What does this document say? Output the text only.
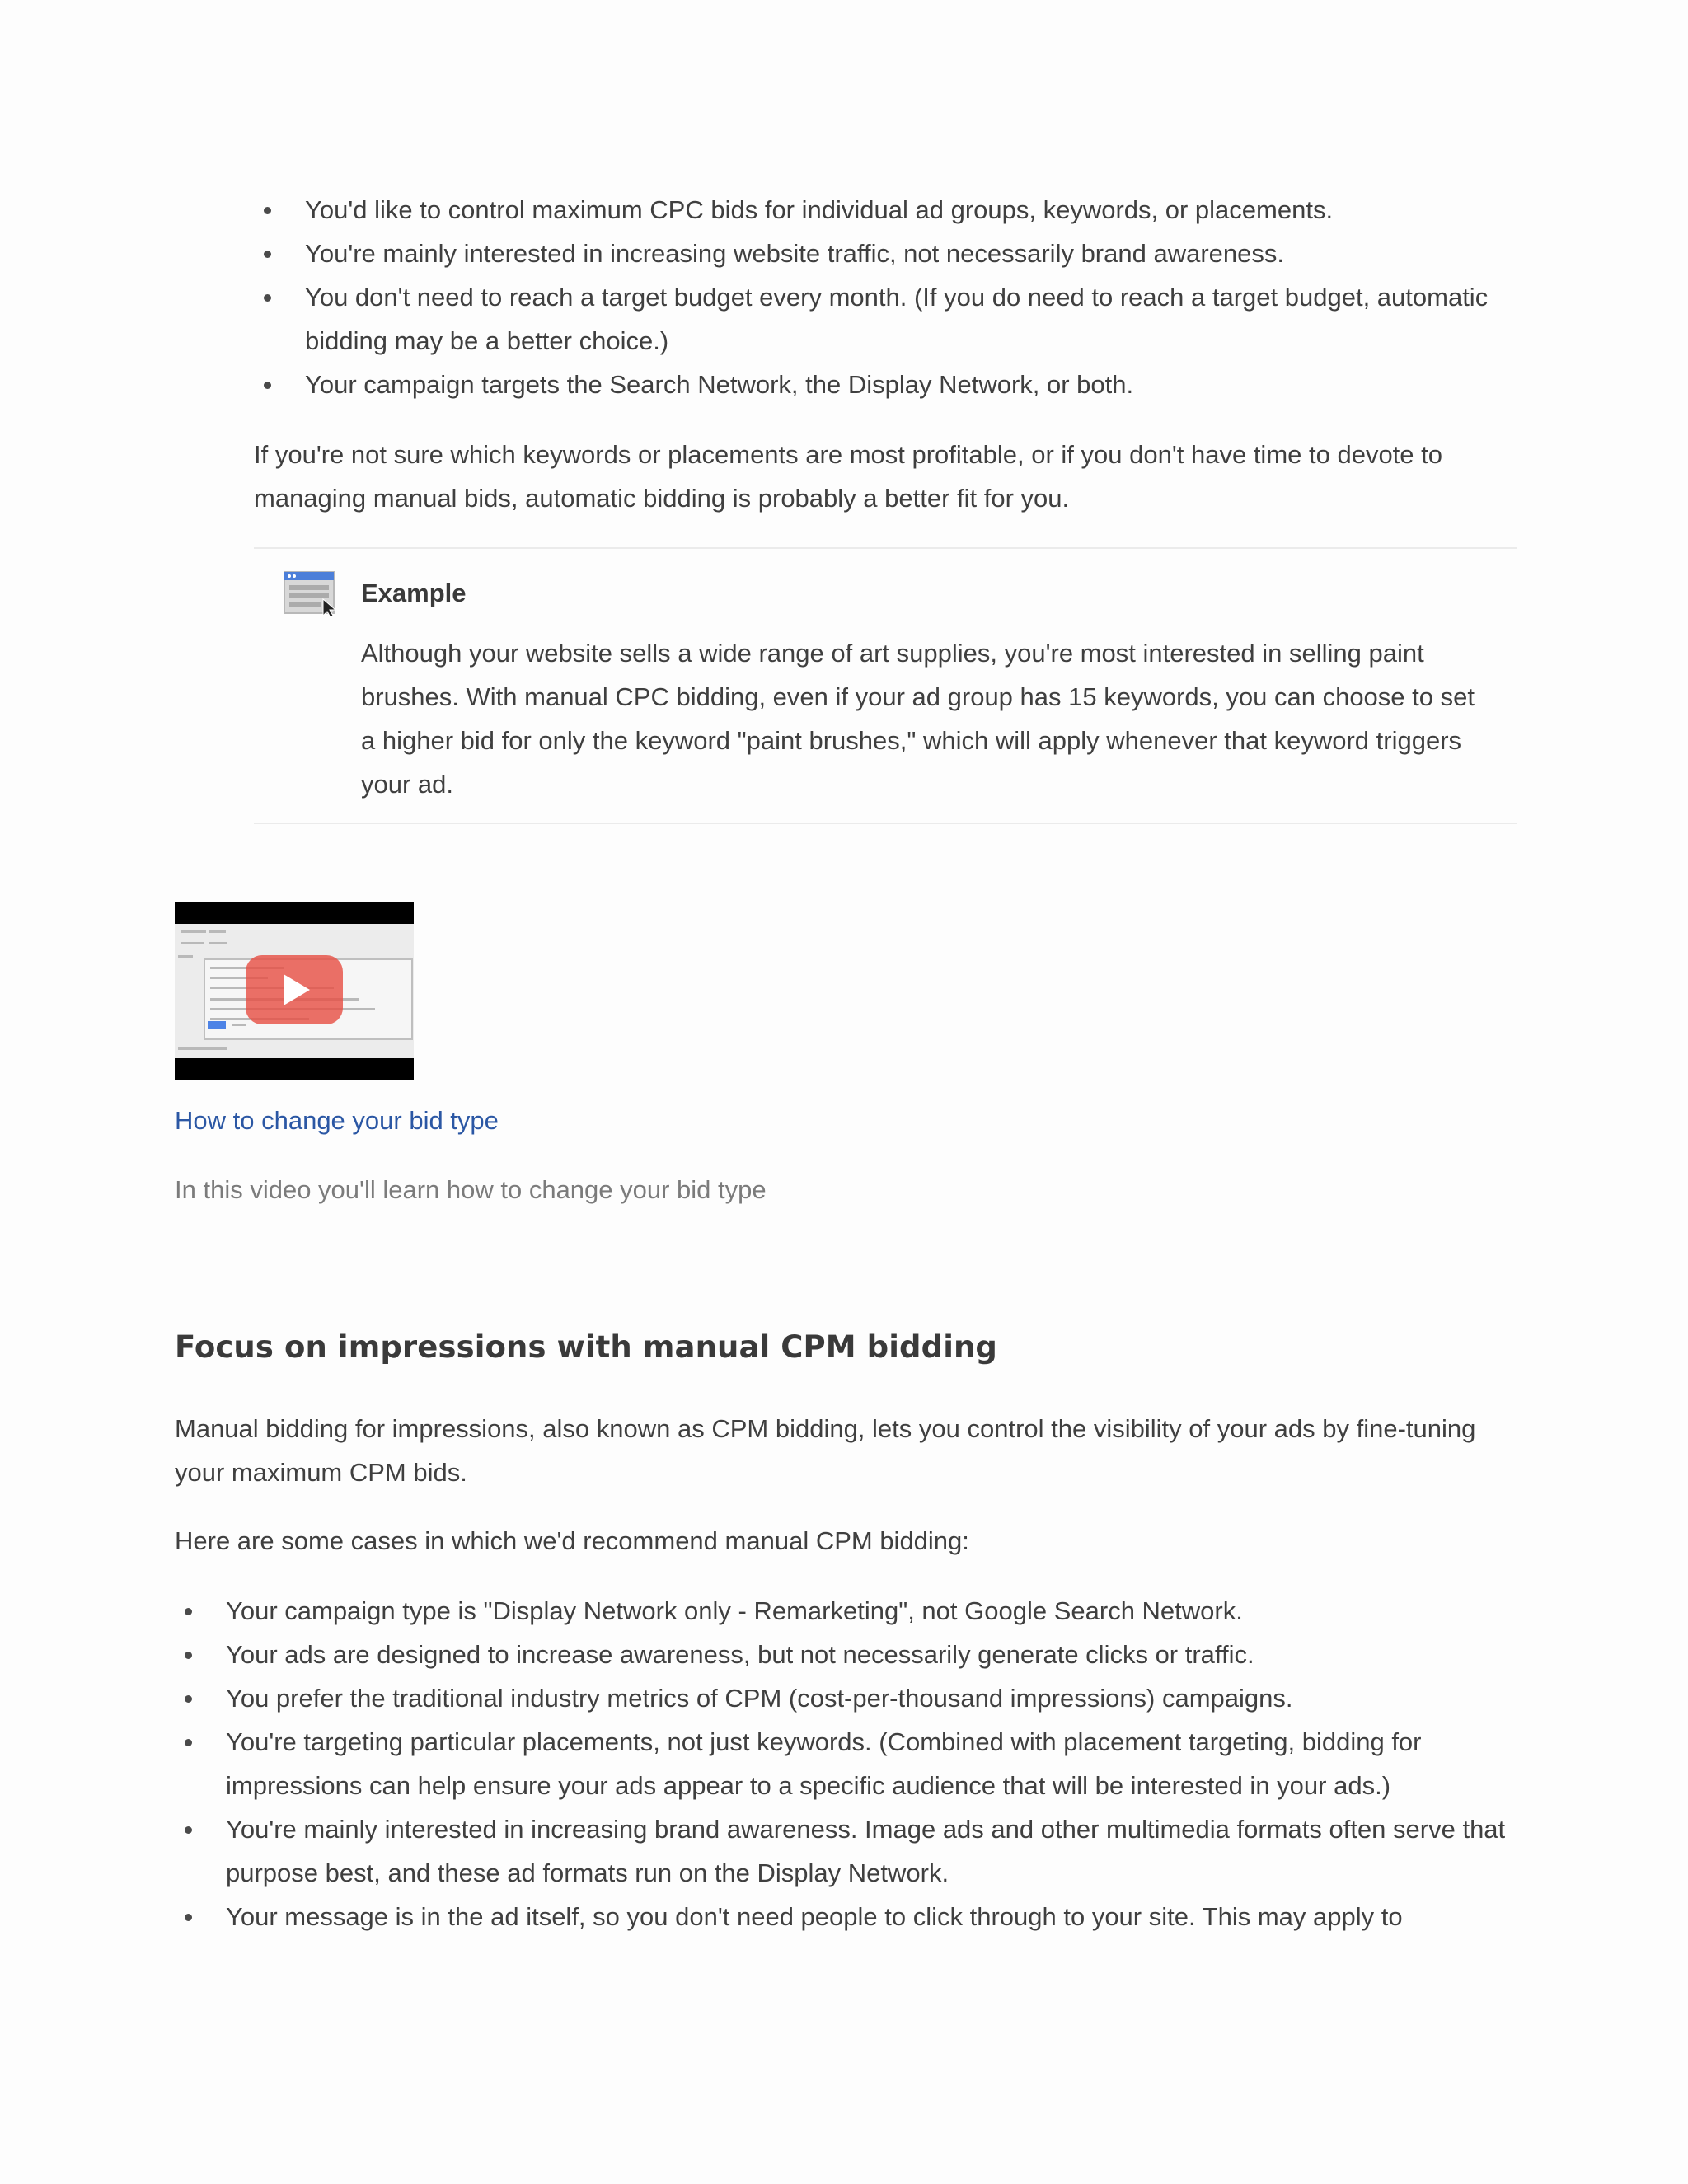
You'd like to control maximum CPC bids for individual ad groups, keywords, or placements.
You're mainly interested in increasing website traffic, not necessarily brand awareness.
You don't need to reach a target budget every month. (If you do need to reach a target budget, automatic bidding may be a better choice.)
Your campaign targets the Search Network, the Display Network, or both.
If you're not sure which keywords or placements are most profitable, or if you don't have time to devote to managing manual bids, automatic bidding is probably a better fit for you.
Example
Although your website sells a wide range of art supplies, you're most interested in selling paint brushes. With manual CPC bidding, even if your ad group has 15 keywords, you can choose to set a higher bid for only the keyword "paint brushes," which will apply whenever that keyword triggers your ad.
How to change your bid type
In this video you'll learn how to change your bid type
Focus on impressions with manual CPM bidding
Manual bidding for impressions, also known as CPM bidding, lets you control the visibility of your ads by fine-tuning your maximum CPM bids.
Here are some cases in which we'd recommend manual CPM bidding:
Your campaign type is "Display Network only - Remarketing", not Google Search Network.
Your ads are designed to increase awareness, but not necessarily generate clicks or traffic.
You prefer the traditional industry metrics of CPM (cost-per-thousand impressions) campaigns.
You're targeting particular placements, not just keywords. (Combined with placement targeting, bidding for impressions can help ensure your ads appear to a specific audience that will be interested in your ads.)
You're mainly interested in increasing brand awareness. Image ads and other multimedia formats often serve that purpose best, and these ad formats run on the Display Network.
Your message is in the ad itself, so you don't need people to click through to your site. This may apply to
